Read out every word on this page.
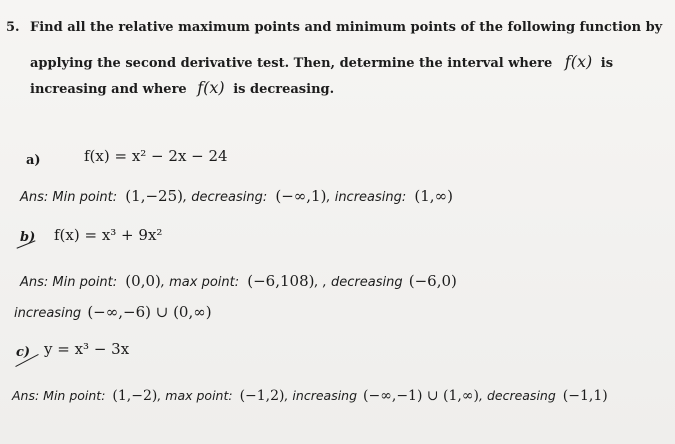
5. Find all the relative maximum points and minimum points of the following function by
applying the second derivative test. Then, determine the interval where f(x) is
increasing and where f(x) is decreasing.
a)	f(x) = x² − 2x − 24
Ans: Min point: (1,−25), decreasing: (−∞,1), increasing: (1,∞)
b) f(x) = x³ + 9x²
Ans: Min point: (0,0), max point: (−6,108), , decreasing (−6,0)
increasing (−∞,−6) ∪ (0,∞)
c) y = x³ − 3x
Ans: Min point: (1,−2), max point: (−1,2), increasing (−∞,−1) ∪ (1,∞), decreasing (−1,1)
